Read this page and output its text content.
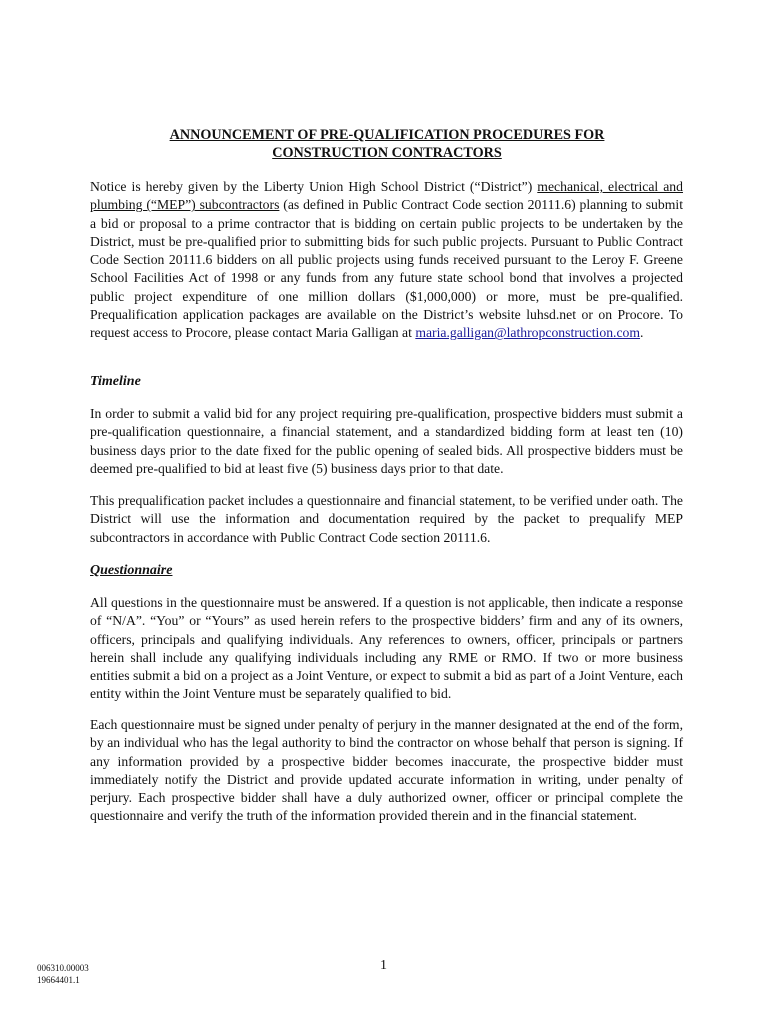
ANNOUNCEMENT OF PRE-QUALIFICATION PROCEDURES FOR
CONSTRUCTION CONTRACTORS

Notice is hereby given by the Liberty Union High School District (“District”) mechanical, electrical and plumbing (“MEP”) subcontractors (as defined in Public Contract Code section 20111.6) planning to submit a bid or proposal to a prime contractor that is bidding on certain public projects to be undertaken by the District, must be pre-qualified prior to submitting bids for such public projects. Pursuant to Public Contract Code Section 20111.6 bidders on all public projects using funds received pursuant to the Leroy F. Greene School Facilities Act of 1998 or any funds from any future state school bond that involves a projected public project expenditure of one million dollars ($1,000,000) or more, must be pre-qualified. Prequalification application packages are available on the District’s website luhsd.net or on Procore. To request access to Procore, please contact Maria Galligan at maria.galligan@lathropconstruction.com.

Timeline

In order to submit a valid bid for any project requiring pre-qualification, prospective bidders must submit a pre-qualification questionnaire, a financial statement, and a standardized bidding form at least ten (10) business days prior to the date fixed for the public opening of sealed bids. All prospective bidders must be deemed pre-qualified to bid at least five (5) business days prior to that date.

This prequalification packet includes a questionnaire and financial statement, to be verified under oath. The District will use the information and documentation required by the packet to prequalify MEP subcontractors in accordance with Public Contract Code section 20111.6.

Questionnaire

All questions in the questionnaire must be answered. If a question is not applicable, then indicate a response of “N/A”. “You” or “Yours” as used herein refers to the prospective bidders’ firm and any of its owners, officers, principals and qualifying individuals. Any references to owners, officer, principals or partners herein shall include any qualifying individuals including any RME or RMO. If two or more business entities submit a bid on a project as a Joint Venture, or expect to submit a bid as part of a Joint Venture, each entity within the Joint Venture must be separately qualified to bid.

Each questionnaire must be signed under penalty of perjury in the manner designated at the end of the form, by an individual who has the legal authority to bind the contractor on whose behalf that person is signing. If any information provided by a prospective bidder becomes inaccurate, the prospective bidder must immediately notify the District and provide updated accurate information in writing, under penalty of perjury. Each prospective bidder shall have a duly authorized owner, officer or principal complete the questionnaire and verify the truth of the information provided therein and in the financial statement.

006310.00003
19664401.1
1
